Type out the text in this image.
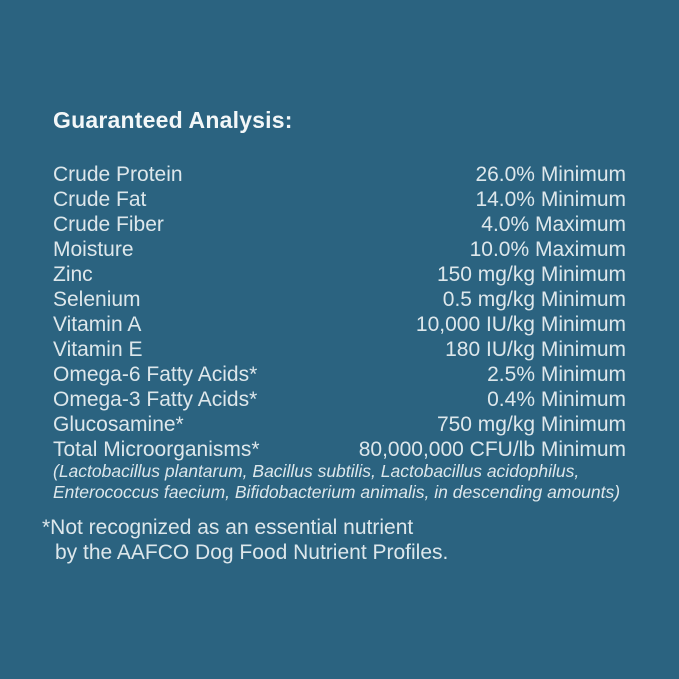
Guaranteed Analysis:
Crude Protein	26.0% Minimum
Crude Fat	14.0% Minimum
Crude Fiber	4.0% Maximum
Moisture	10.0% Maximum
Zinc	150 mg/kg Minimum
Selenium	0.5 mg/kg Minimum
Vitamin A	10,000 IU/kg Minimum
Vitamin E	180 IU/kg Minimum
Omega-6 Fatty Acids*	2.5% Minimum
Omega-3 Fatty Acids*	0.4% Minimum
Glucosamine*	750 mg/kg Minimum
Total Microorganisms*	80,000,000 CFU/lb Minimum
(Lactobacillus plantarum, Bacillus subtilis, Lactobacillus acidophilus,
Enterococcus faecium, Bifidobacterium animalis, in descending amounts)
*Not recognized as an essential nutrient
by the AAFCO Dog Food Nutrient Profiles.
